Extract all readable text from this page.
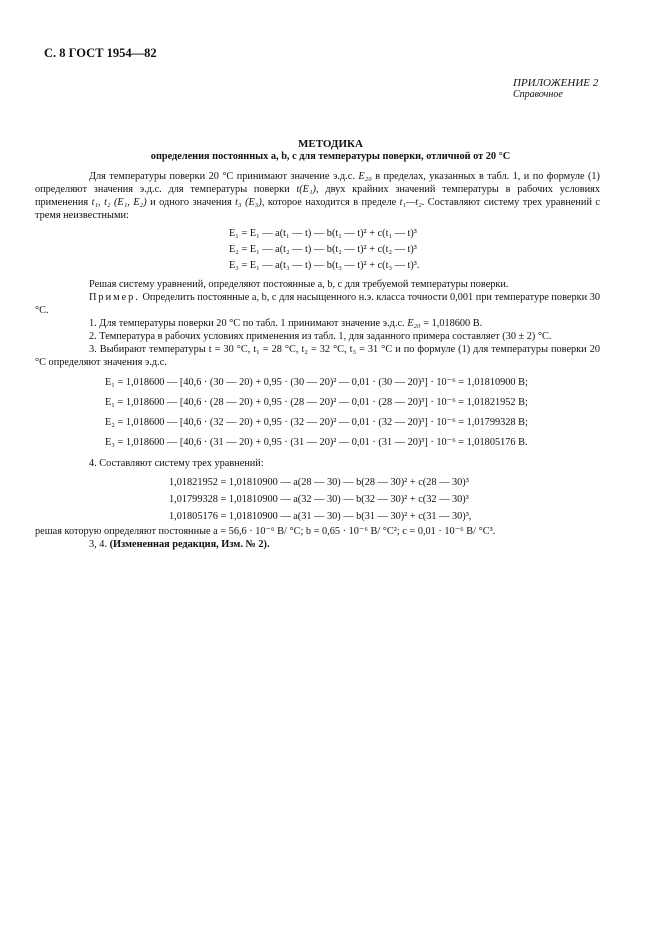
С. 8 ГОСТ 1954—82
ПРИЛОЖЕНИЕ 2
Справочное
МЕТОДИКА
определения постоянных a, b, c для температуры поверки, отличной от 20 °С

Для температуры поверки 20 °С принимают значение э.д.с. E₂₀ в пределах, указанных в табл. 1, и по формуле (1) определяют значения э.д.с. для температуры поверки t(E₁), двух крайних значений температуры в рабочих условиях применения t₁, t₂ (E₁, E₂) и одного значения t₃ (E₃), которое находится в пределе t₁—t₂. Составляют систему трех уравнений с тремя неизвестными:

E₁ = E₁ — a(t₁ — t) — b(t₁ — t)² + c(t₁ — t)³
E₂ = E₁ — a(t₂ — t) — b(t₂ — t)² + c(t₂ — t)³
E₃ = E₁ — a(t₃ — t) — b(t₃ — t)² + c(t₃ — t)³.

Решая систему уравнений, определяют постоянные a, b, c для требуемой температуры поверки.

Пример. Определить постоянные a, b, c для насыщенного н.э. класса точности 0,001 при температуре поверки 30 °С.

1. Для температуры поверки 20 °С по табл. 1 принимают значение э.д.с. E₂₀ = 1,018600 В.

2. Температура в рабочих условиях применения из табл. 1, для заданного примера составляет (30 ± 2) °С.

3. Выбирают температуры t = 30 °С, t₁ = 28 °С, t₂ = 32 °С, t₃ = 31 °С и по формуле (1) для температуры поверки 20 °С определяют значения э.д.с.

E₁ = 1,018600 — [40,6 · (30 — 20) + 0,95 · (30 — 20)² — 0,01 · (30 — 20)³] · 10⁻⁶ = 1,01810900 В;
E₁ = 1,018600 — [40,6 · (28 — 20) + 0,95 · (28 — 20)² — 0,01 · (28 — 20)³] · 10⁻⁶ = 1,01821952 В;
E₂ = 1,018600 — [40,6 · (32 — 20) + 0,95 · (32 — 20)² — 0,01 · (32 — 20)³] · 10⁻⁶ = 1,01799328 В;
E₃ = 1,018600 — [40,6 · (31 — 20) + 0,95 · (31 — 20)² — 0,01 · (31 — 20)³] · 10⁻⁶ = 1,01805176 В.

4. Составляют систему трех уравнений:

1,01821952 = 1,01810900 — a(28 — 30) — b(28 — 30)² + c(28 — 30)³
1,01799328 = 1,01810900 — a(32 — 30) — b(32 — 30)² + c(32 — 30)³
1,01805176 = 1,01810900 — a(31 — 30) — b(31 — 30)² + c(31 — 30)³,

решая которую определяют постоянные a = 56,6 · 10⁻⁶ В/ °С; b = 0,65 · 10⁻⁶ В/ °С²; c = 0,01 · 10⁻⁶ В/ °С³.

3, 4. (Измененная редакция, Изм. № 2).
